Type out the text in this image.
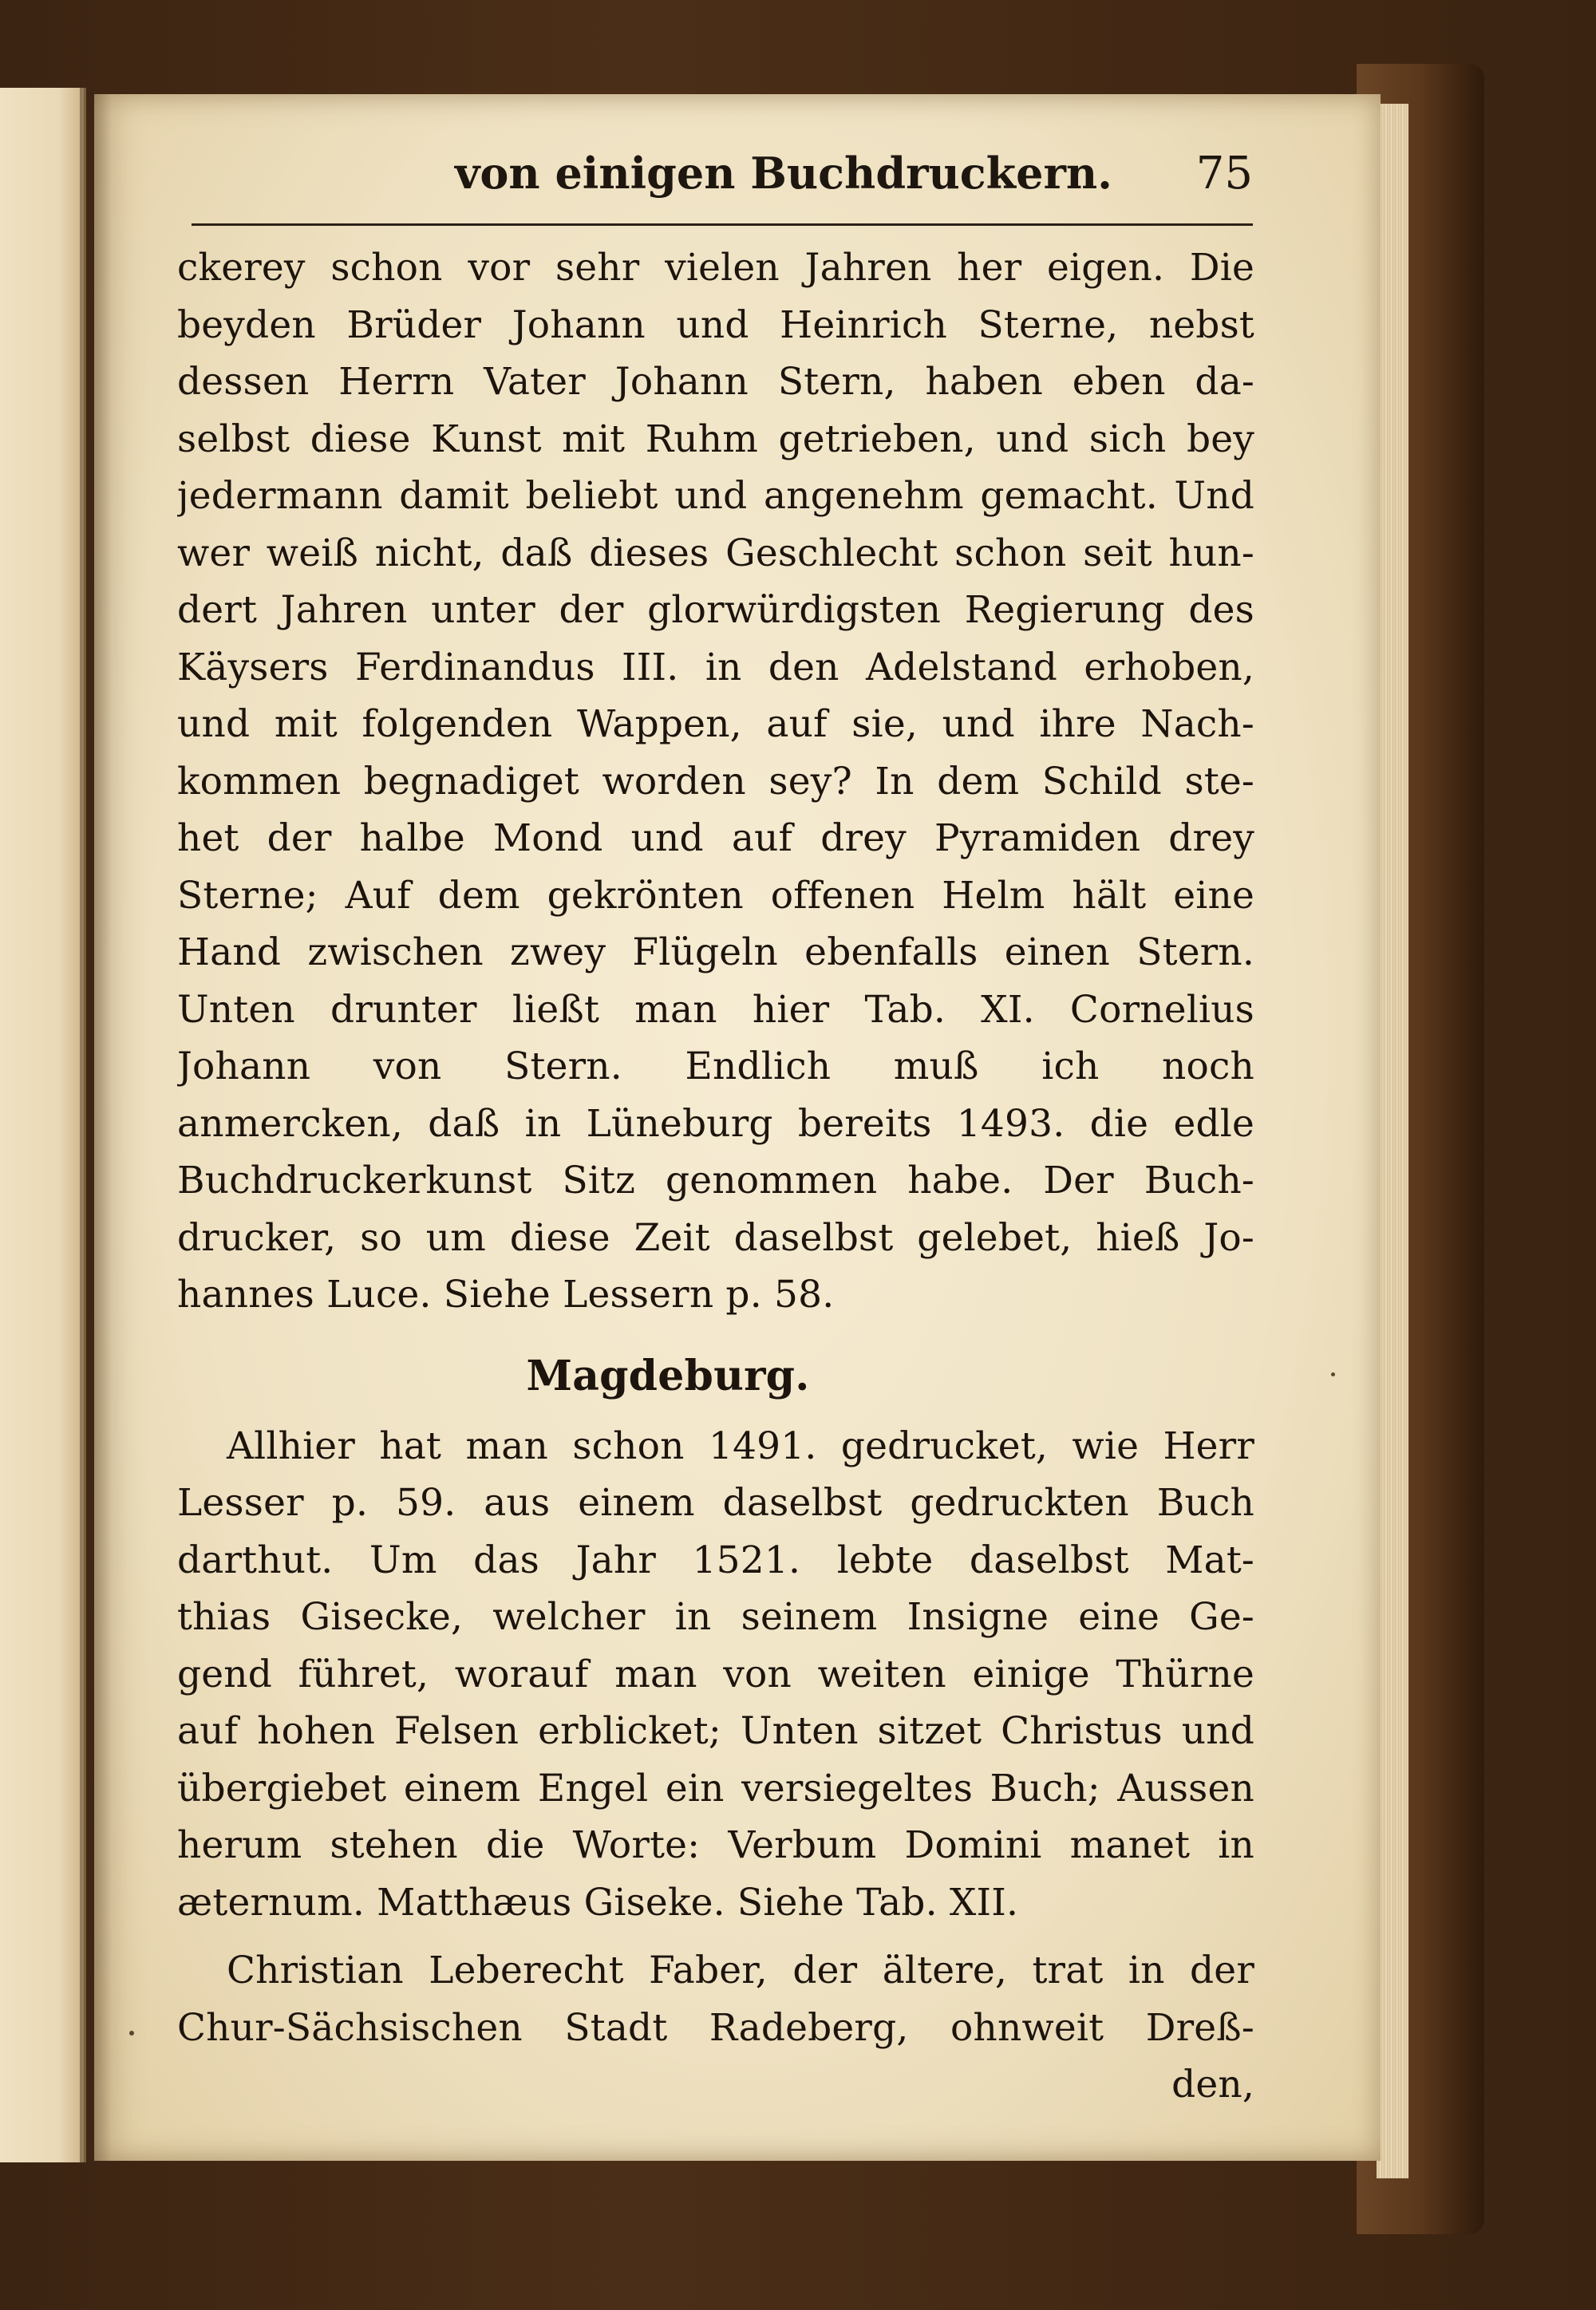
von einigen Buchdruckern. 75
ckerey schon vor sehr vielen Jahren her eigen. Die
beyden Brüder Johann und Heinrich Sterne, nebst
dessen Herrn Vater Johann Stern, haben eben da-
selbst diese Kunst mit Ruhm getrieben, und sich bey
jedermann damit beliebt und angenehm gemacht. Und
wer weiß nicht, daß dieses Geschlecht schon seit hun-
dert Jahren unter der glorwürdigsten Regierung des
Käysers Ferdinandus III. in den Adelstand erhoben,
und mit folgenden Wappen, auf sie, und ihre Nach-
kommen begnadiget worden sey? In dem Schild ste-
het der halbe Mond und auf drey Pyramiden drey
Sterne; Auf dem gekrönten offenen Helm hält eine
Hand zwischen zwey Flügeln ebenfalls einen Stern.
Unten drunter ließt man hier Tab. XI. Cornelius
Johann von Stern. Endlich muß ich noch
anmercken, daß in Lüneburg bereits 1493. die edle
Buchdruckerkunst Sitz genommen habe. Der Buch-
drucker, so um diese Zeit daselbst gelebet, hieß Jo-
hannes Luce. Siehe Lessern p. 58.
Magdeburg.
Allhier hat man schon 1491. gedrucket, wie Herr
Lesser p. 59. aus einem daselbst gedruckten Buch
darthut. Um das Jahr 1521. lebte daselbst Mat-
thias Gisecke, welcher in seinem Insigne eine Ge-
gend führet, worauf man von weiten einige Thürne
auf hohen Felsen erblicket; Unten sitzet Christus und
übergiebet einem Engel ein versiegeltes Buch; Aussen
herum stehen die Worte: Verbum Domini manet in
æternum. Matthæus Giseke. Siehe Tab. XII.
Christian Leberecht Faber, der ältere, trat in der
Chur-Sächsischen Stadt Radeberg, ohnweit Dreß-
den,
